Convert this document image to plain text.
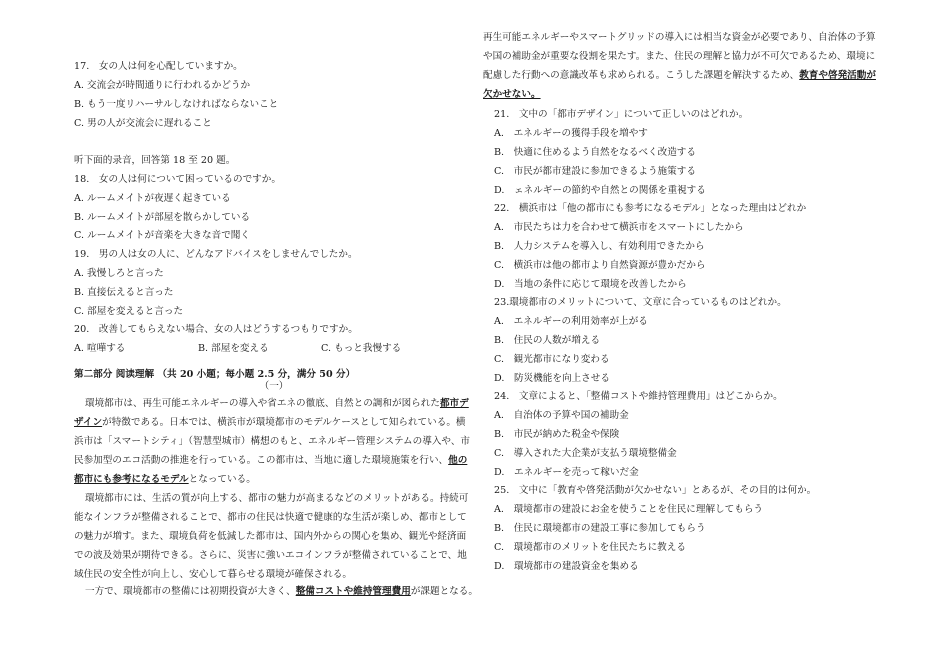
17.　女の人は何を心配していますか。
A. 交流会が時間通りに行われるかどうか
B. もう一度リハーサルしなければならないこと
C. 男の人が交流会に遅れること
听下面的录音，回答第 18 至 20 题。
18.　女の人は何について困っているのですか。
A. ルームメイトが夜遅く起きている
B. ルームメイトが部屋を散らかしている
C. ルームメイトが音楽を大きな音で聞く
19.　男の人は女の人に、どんなアドバイスをしませんでしたか。
A. 我慢しろと言った
B. 直接伝えると言った
C. 部屋を変えると言った
20.　改善してもらえない場合、女の人はどうするつもりですか。
A. 喧嘩する	B. 部屋を変える	C. もっと我慢する
第二部分 阅读理解 （共 20 小题；每小题 2.5 分，满分 50 分）
（一）
環境都市は、再生可能エネルギーの導入や省エネの徹底、自然との調和が図られた都市デ
ザインが特徴である。日本では、横浜市が環境都市のモデルケースとして知られている。横
浜市は「スマートシティ」（智慧型城市）構想のもと、エネルギー管理システムの導入や、市
民参加型のエコ活動の推進を行っている。この都市は、当地に適した環境施策を行い、他の
都市にも参考になるモデルとなっている。
環境都市には、生活の質が向上する、都市の魅力が高まるなどのメリットがある。持続可
能なインフラが整備されることで、都市の住民は快適で健康的な生活が楽しめ、都市として
の魅力が増す。また、環境負荷を低減した都市は、国内外からの関心を集め、観光や経済面
での波及効果が期待できる。さらに、災害に強いエコインフラが整備されていることで、地
域住民の安全性が向上し、安心して暮らせる環境が確保される。
一方で、環境都市の整備には初期投資が大きく、整備コストや維持管理費用が課題となる。
再生可能エネルギーやスマートグリッドの導入には相当な資金が必要であり、自治体の予算
や国の補助金が重要な役割を果たす。また、住民の理解と協力が不可欠であるため、環境に
配慮した行動への意識改革も求められる。こうした課題を解決するため、教育や啓発活動が
欠かせない。
21.　文中の「都市デザイン」について正しいのはどれか。
A.　エネルギーの獲得手段を増やす
B.　快適に住めるよう自然をなるべく改造する
C.　市民が都市建設に参加できるよう施策する
D.　ェネルギーの節約や自然との関係を重視する
22.　横浜市は「他の都市にも参考になるモデル」となった理由はどれか
A.　市民たちは力を合わせて横浜市をスマートにしたから
B.　人力システムを導入し、有効利用できたから
C.　横浜市は他の都市より自然資源が豊かだから
D.　当地の条件に応じて環境を改善したから
23.環境都市のメリットについて、文章に合っているものはどれか。
A.　エネルギーの利用効率が上がる
B.　住民の人数が増える
C.　観光都市になり変わる
D.　防災機能を向上させる
24.　文章によると、「整備コストや維持管理費用」はどこからか。
A.　自治体の予算や国の補助金
B.　市民が納めた税金や保険
C.　導入された大企業が支払う環境整備金
D.　エネルギーを売って稼いだ金
25.　文中に「教育や啓発活動が欠かせない」とあるが、その目的は何か。
A.　環境都市の建設にお金を使うことを住民に理解してもらう
B.　住民に環境都市の建設工事に参加してもらう
C.　環境都市のメリットを住民たちに教える
D.　環境都市の建設資金を集める
